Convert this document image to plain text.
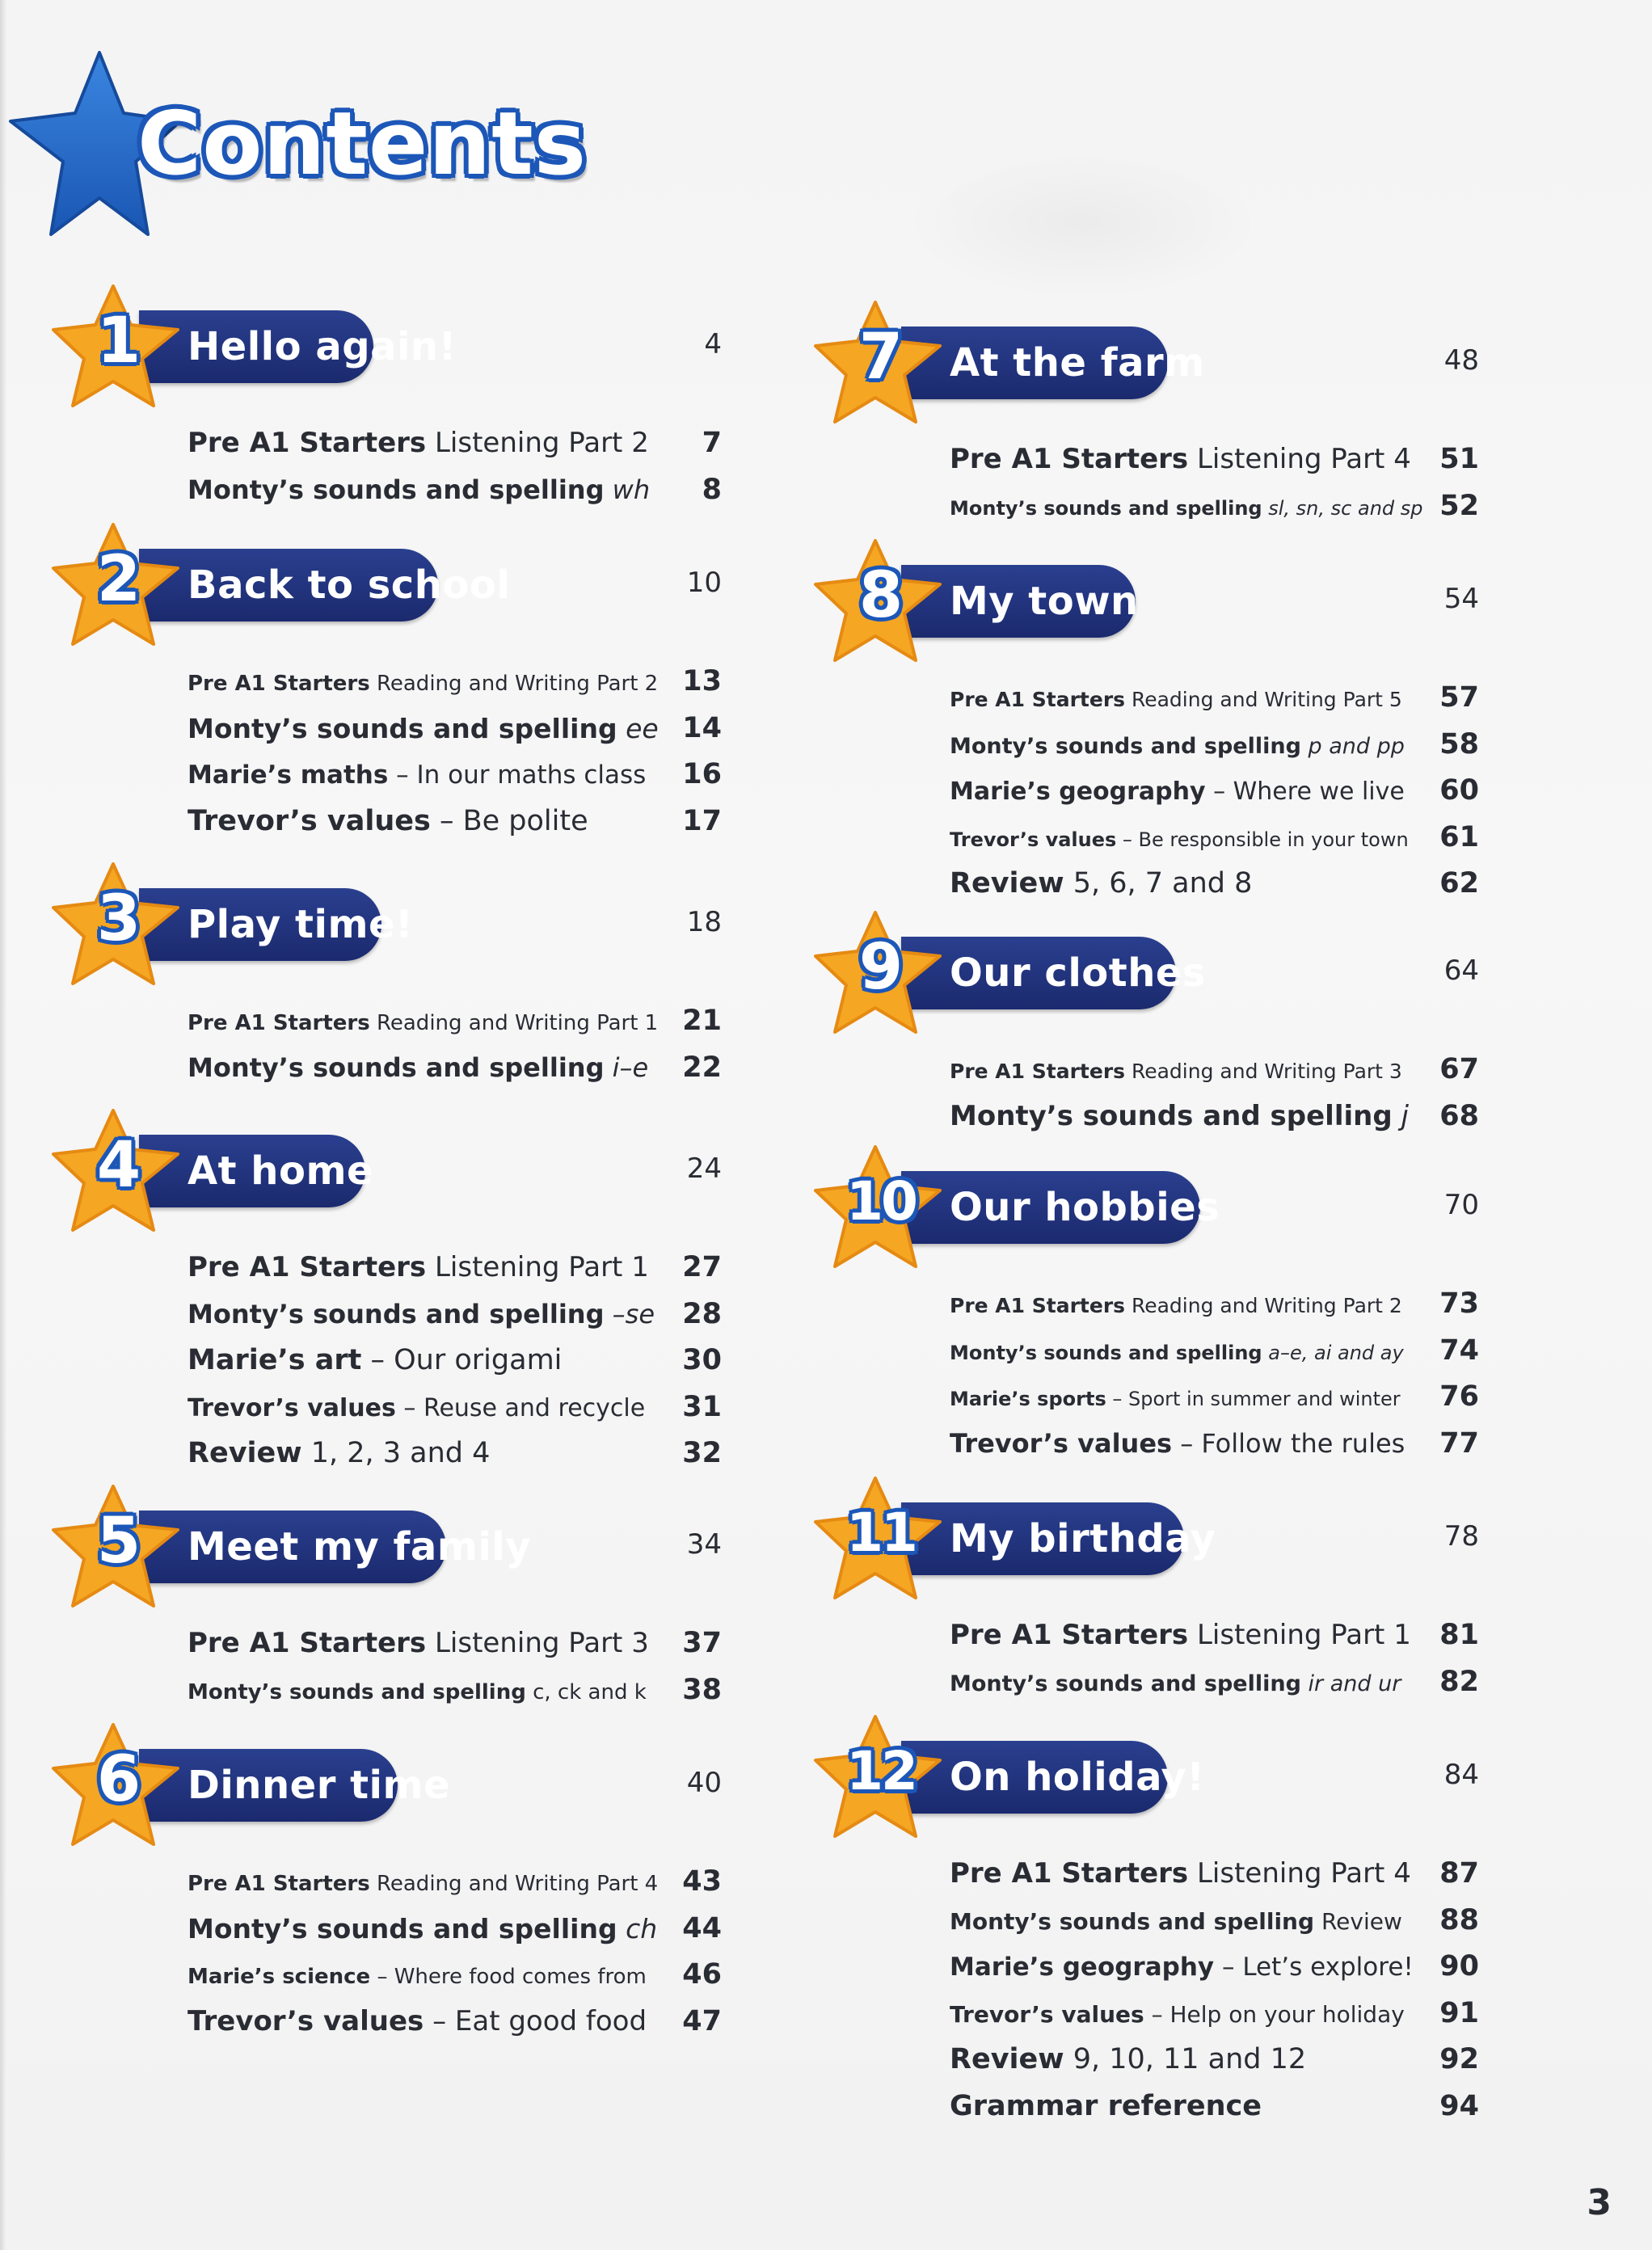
Contents
Hello again!
1	4
Pre A1 Starters Listening Part 2	7
Monty’s sounds and spelling wh	8
Back to school
2	10
Pre A1 Starters Reading and Writing Part 2 13
Monty’s sounds and spelling ee 14
Marie’s maths – In our maths class	16
Trevor’s values – Be polite	17
Play time!
3	18
Pre A1 Starters Reading and Writing Part 1 21
Monty’s sounds and spelling i–e	22
At home
4	24
Pre A1 Starters Listening Part 1	27
Monty’s sounds and spelling –se 28
Marie’s art – Our origami	30
Trevor’s values – Reuse and recycle	31
Review 1, 2, 3 and 4	32
Meet my family
5	34
Pre A1 Starters Listening Part 3	37
Monty’s sounds and spelling c, ck and k	38
Dinner time
6	40
Pre A1 Starters Reading and Writing Part 4 43
Monty’s sounds and spelling ch 44
Marie’s science – Where food comes from	46
Trevor’s values – Eat good food	47
At the farm
7	48
Pre A1 Starters Listening Part 4	51
Monty’s sounds and spelling sl, sn, sc and sp 52
My town
8	54
Pre A1 Starters Reading and Writing Part 5	57
Monty’s sounds and spelling p and pp	58
Marie’s geography – Where we live	60
Trevor’s values – Be responsible in your town	61
Review 5, 6, 7 and 8	62
Our clothes
9	64
Pre A1 Starters Reading and Writing Part 3	67
Monty’s sounds and spelling j	68
Our hobbies
10	70
Pre A1 Starters Reading and Writing Part 2	73
Monty’s sounds and spelling a–e, ai and ay	74
Marie’s sports – Sport in summer and winter	76
Trevor’s values – Follow the rules	77
My birthday
11	78
Pre A1 Starters Listening Part 1	81
Monty’s sounds and spelling ir and ur	82
On holiday!
12	84
Pre A1 Starters Listening Part 4	87
Monty’s sounds and spelling Review	88
Marie’s geography – Let’s explore! 90
Trevor’s values – Help on your holiday	91
Review 9, 10, 11 and 12	92
Grammar reference	94
3
